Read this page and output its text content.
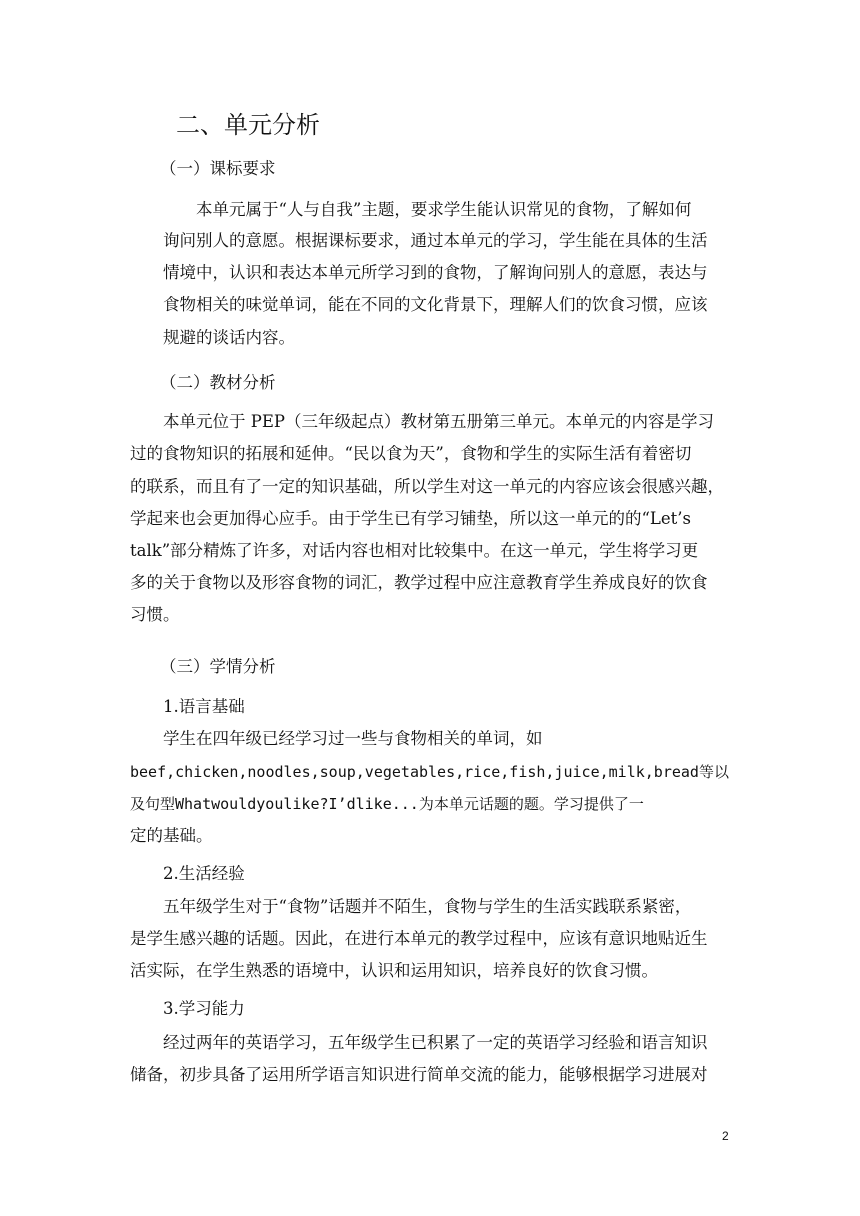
二、单元分析
（一）课标要求
本单元属于“人与自我”主题，要求学生能认识常见的食物，了解如何
询问别人的意愿。根据课标要求，通过本单元的学习，学生能在具体的生活
情境中，认识和表达本单元所学习到的食物，了解询问别人的意愿，表达与
食物相关的味觉单词，能在不同的文化背景下，理解人们的饮食习惯，应该
规避的谈话内容。
（二）教材分析
本单元位于 PEP（三年级起点）教材第五册第三单元。本单元的内容是学习
过的食物知识的拓展和延伸。“民以食为天”，食物和学生的实际生活有着密切
的联系，而且有了一定的知识基础，所以学生对这一单元的内容应该会很感兴趣，
学起来也会更加得心应手。由于学生已有学习铺垫，所以这一单元的的“Let’s
talk”部分精炼了许多，对话内容也相对比较集中。在这一单元，学生将学习更
多的关于食物以及形容食物的词汇，教学过程中应注意教育学生养成良好的饮食
习惯。
（三）学情分析
1.语言基础
学生在四年级已经学习过一些与食物相关的单词，如
beef,chicken,noodles,soup,vegetables,rice,fish,juice,milk,bread等以
及句型Whatwouldyoulike?I’dlike...为本单元话题的题。学习提供了一
定的基础。
2.生活经验
五年级学生对于“食物”话题并不陌生，食物与学生的生活实践联系紧密，
是学生感兴趣的话题。因此，在进行本单元的教学过程中，应该有意识地贴近生
活实际，在学生熟悉的语境中，认识和运用知识，培养良好的饮食习惯。
3.学习能力
经过两年的英语学习，五年级学生已积累了一定的英语学习经验和语言知识
储备，初步具备了运用所学语言知识进行简单交流的能力，能够根据学习进展对
2
